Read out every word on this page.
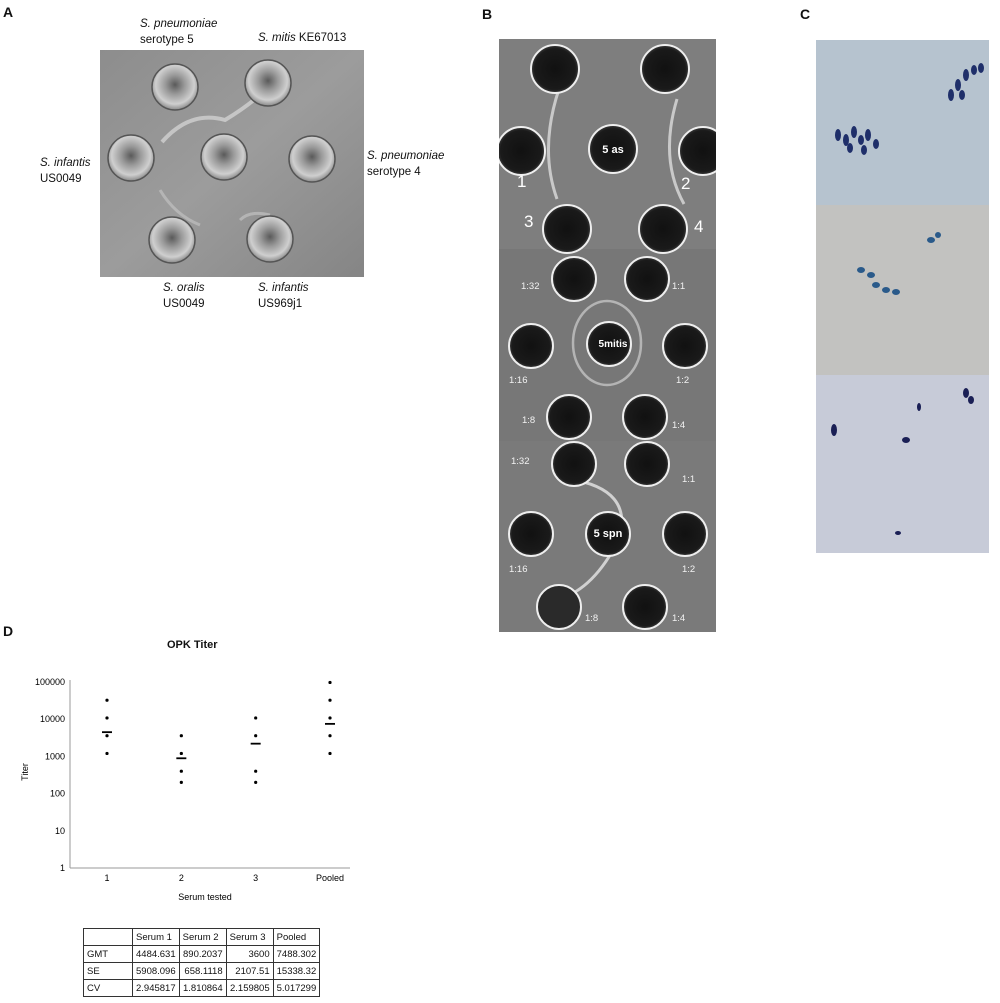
A	B	C
D
S. pneumoniae
serotype 5	S. mitis KE67013
S. infantis
US0049
S. pneumoniae
serotype 4
S. oralis
US0049
S. infantis
US969j1
5 as
1	2
3	4
5mitis
1:32	1:1
1:16	1:2
1:8	1:4
5 spn
1:32
1:1
1:16	1:2
1:8	1:4
OPK Titer
Titer
Serum tested
1
10
100
1000
10000
100000
1	2	3	Pooled
	Serum 1	Serum 2	Serum 3	Pooled
GMT	4484.631	890.2037	3600	7488.302
SE	5908.096	658.1118	2107.51	15338.32
CV	2.945817	1.810864	2.159805	5.017299
